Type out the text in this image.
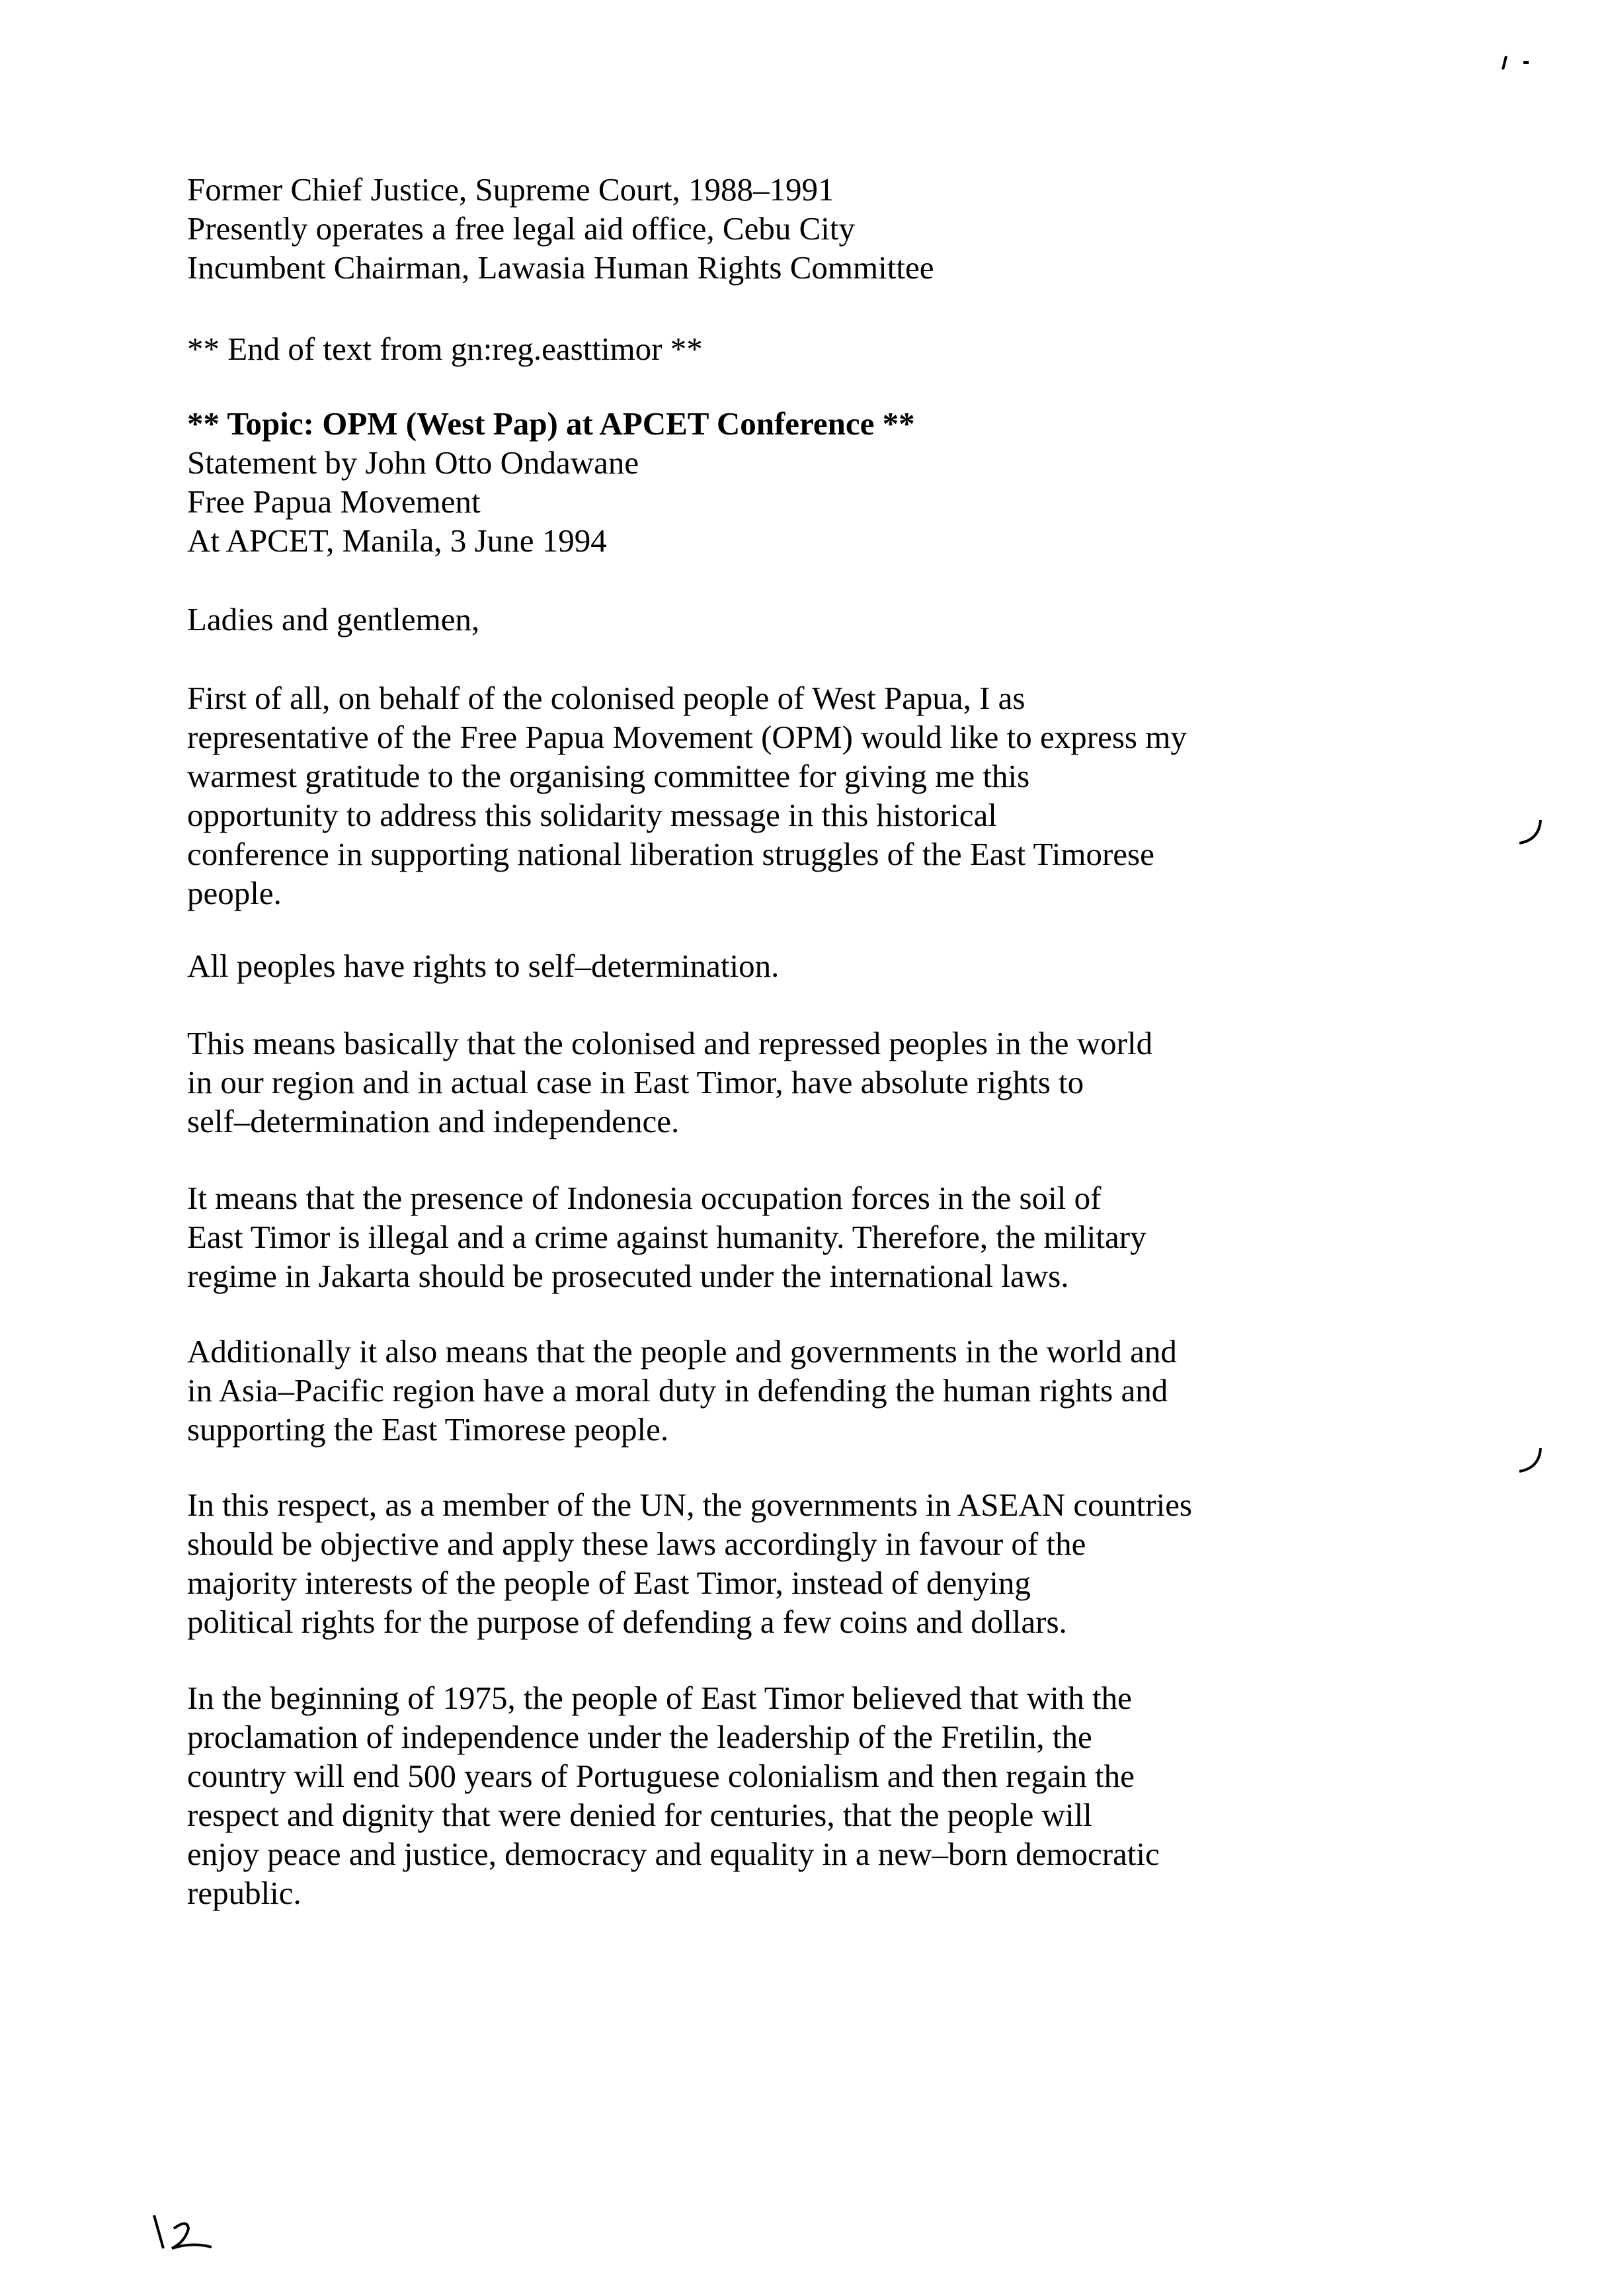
Former Chief Justice, Supreme Court, 1988–1991
Presently operates a free legal aid office, Cebu City
Incumbent Chairman, Lawasia Human Rights Committee
** End of text from gn:reg.easttimor **
** Topic: OPM (West Pap) at APCET Conference **
Statement by John Otto Ondawane
Free Papua Movement
At APCET, Manila, 3 June 1994
Ladies and gentlemen,
First of all, on behalf of the colonised people of West Papua, I as
representative of the Free Papua Movement (OPM) would like to express my
warmest gratitude to the organising committee for giving me this
opportunity to address this solidarity message in this historical
conference in supporting national liberation struggles of the East Timorese
people.
All peoples have rights to self–determination.
This means basically that the colonised and repressed peoples in the world
in our region and in actual case in East Timor, have absolute rights to
self–determination and independence.
It means that the presence of Indonesia occupation forces in the soil of
East Timor is illegal and a crime against humanity. Therefore, the military
regime in Jakarta should be prosecuted under the international laws.
Additionally it also means that the people and governments in the world and
in Asia–Pacific region have a moral duty in defending the human rights and
supporting the East Timorese people.
In this respect, as a member of the UN, the governments in ASEAN countries
should be objective and apply these laws accordingly in favour of the
majority interests of the people of East Timor, instead of denying
political rights for the purpose of defending a few coins and dollars.
In the beginning of 1975, the people of East Timor believed that with the
proclamation of independence under the leadership of the Fretilin, the
country will end 500 years of Portuguese colonialism and then regain the
respect and dignity that were denied for centuries, that the people will
enjoy peace and justice, democracy and equality in a new–born democratic
republic.
